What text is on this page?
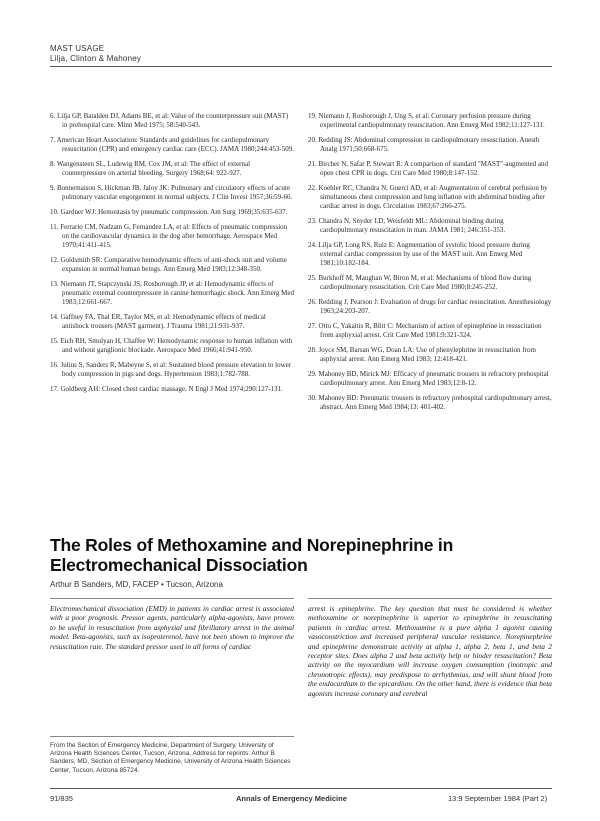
MAST USAGE
Lilja, Clinton & Mahoney

6. Lilja GP, Batalden DJ, Adams BE, et al: Value of the counterpressure suit (MAST) in prehospital care. Minn Med 1975; 58:540-543.

7. American Heart Association: Standards and guidelines for cardiopulmonary resuscitation (CPR) and emergency cardiac care (ECC). JAMA 1980;244:453-509.

8. Wangensteen SL, Ludewig RM, Cox JM, et al: The effect of external counterpressure on arterial bleeding. Surgery 1968;64: 922-927.

9. Bonnemaison S, Hickman JB, Jaloy JK: Pulmonary and circulatory effects of acute pulmonary vascular engorgement in normal subjects. J Clin Invest 1957;36:59-66.

10. Gardner WJ: Hemostasis by pneumatic compression. Am Surg 1969;35:635-637.

11. Ferrario CM, Nadzam G, Fernandez LA, et al: Effects of pneumatic compression on the cardiovascular dynamics in the dog after hemorrhage. Aerospace Med 1970;41:411-415.

12. Goldsmith SR: Comparative hemodynamic effects of anti-shock suit and volume expansion in normal human beings. Ann Emerg Med 1983;12:348-350.

13. Niemann JT, Stapczynski JS, Rosborough JP, et al: Hemodynamic effects of pneumatic external counterpressure in canine hemorrhagic shock. Ann Emerg Med 1983;12:661-667.

14. Gaffney FA, Thal ER, Taylor MS, et al: Hemodynamic effects of medical antishock trousers (MAST garment). J Trauma 1981;21:931-937.

15. Eich RH, Smulyan H, Chaffee W: Hemodynamic response to human inflation with and without ganglionic blockade. Aerospace Med 1966;41:941-950.

16. Julius S, Sanders R, Mabeyne S, et al: Sustained blood pressure elevation to lower body compression in pigs and dogs. Hypertension 1983;1:782-788.

17. Goldberg AH: Closed chest cardiac massage. N Engl J Med 1974;290:127-131.

19. Niemann J, Rosborough J, Ung S, et al: Coronary perfusion pressure during experimental cardiopulmonary resuscitation. Ann Emerg Med 1982;11:127-131.

20. Redding JS: Abdominal compression in cardiopulmonary resuscitation. Anesth Analg 1971;50:668-675.

21. Bircher N, Safar P, Stewart R: A comparison of standard "MAST"-augmented and open chest CPR in dogs. Crit Care Med 1980;8:147-152.

22. Koehler RC, Chandra N, Guerci AD, et al: Augmentation of cerebral perfusion by simultaneous chest compression and lung inflation with abdominal binding after cardiac arrest in dogs. Circulation 1983;67:266-275.

23. Chandra N, Snyder LD, Weisfeldt ML: Abdominal binding during cardiopulmonary resuscitation in man. JAMA 1981; 246:351-353.

24. Lilja GP, Long RS, Ruiz E: Augmentation of systolic blood pressure during external cardiac compression by use of the MAST suit. Ann Emerg Med 1981;10:182-184.

25. Burkhoff M, Maughan W, Biron M, et al: Mechanisms of blood flow during cardiopulmonary resuscitation. Crit Care Med 1980;8:245-252.

26. Redding J, Pearson J: Evaluation of drugs for cardiac resuscitation. Anesthesiology 1963;24:203-207.

27. Otto C, Yakaitis R, Blitt C: Mechanism of action of epinephrine in resuscitation from asphyxial arrest. Crit Care Med 1981;9:321-324.

28. Joyce SM, Barsan WG, Doan LA: Use of phenylephrine in resuscitation from asphyxial arrest. Ann Emerg Med 1983; 12:418-421.

29. Mahoney BD, Mirick MJ: Efficacy of pneumatic trousers in refractory prehospital cardiopulmonary arrest. Ann Emerg Med 1983;12:8-12.

30. Mahoney BD: Pneumatic trousers in refractory prehospital cardiopulmonary arrest, abstract. Ann Emerg Med 1984;13: 401-402.

The Roles of Methoxamine and Norepinephrine in Electromechanical Dissociation
Arthur B Sanders, MD, FACEP • Tucson, Arizona

Electromechanical dissociation (EMD) in patients in cardiac arrest is associated with a poor prognosis. Pressor agents, particularly alpha-agonists, have proven to be useful in resuscitation from asphyxial and fibrillatory arrest in the animal model. Beta-agonists, such as isoproterenol, have not been shown to improve the resuscitation rate. The standard pressor used in all forms of cardiac

arrest is epinephrine. The key question that must be considered is whether methoxamine or norepinephrine is superior to epinephrine in resuscitating patients in cardiac arrest. Methoxamine is a pure alpha 1 agonist causing vasoconstriction and increased peripheral vascular resistance. Norepinephrine and epinephrine demonstrate activity at alpha 1, alpha 2, beta 1, and beta 2 receptor sites. Does alpha 2 and beta activity help or hinder resuscitation? Beta activity on the myocardium will increase oxygen consumption (inotropic and chronotropic effects), may predispose to arrhythmias, and will shunt blood from the endocardium to the epicardium. On the other hand, there is evidence that beta agonists increase coronary and cerebral

From the Section of Emergency Medicine, Department of Surgery, University of Arizona Health Sciences Center, Tucson, Arizona. Address for reprints: Arthur B Sanders, MD, Section of Emergency Medicine, University of Arizona Health Sciences Center, Tucson, Arizona 85724.

91/835	Annals of Emergency Medicine	13:9 September 1984 (Part 2)
